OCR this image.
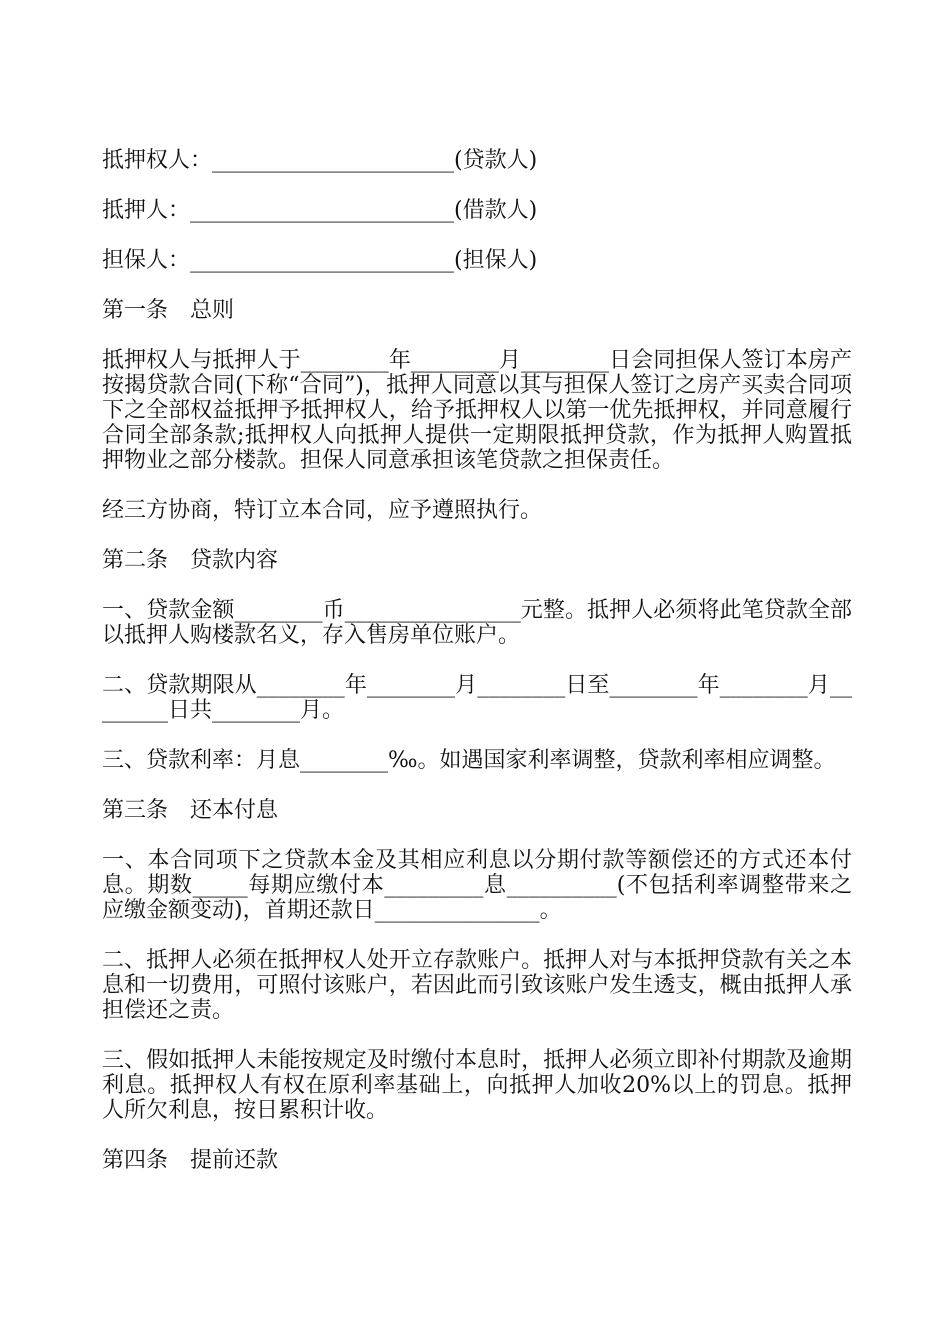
抵押权人：______________________(贷款人)
抵押人：________________________(借款人)
担保人：________________________(担保人)
第一条　总则
抵押权人与抵押人于________年________月________日会同担保人签订本房产按揭贷款合同(下称“合同”)，抵押人同意以其与担保人签订之房产买卖合同项下之全部权益抵押予抵押权人，给予抵押权人以第一优先抵押权，并同意履行合同全部条款;抵押权人向抵押人提供一定期限抵押贷款，作为抵押人购置抵押物业之部分楼款。担保人同意承担该笔贷款之担保责任。
经三方协商，特订立本合同，应予遵照执行。
第二条　贷款内容
一、贷款金额________币________________元整。抵押人必须将此笔贷款全部以抵押人购楼款名义，存入售房单位账户。
二、贷款期限从________年________月________日至________年________月________日共________月。
三、贷款利率：月息________‰。如遇国家利率调整，贷款利率相应调整。
第三条　还本付息
一、本合同项下之贷款本金及其相应利息以分期付款等额偿还的方式还本付息。期数_____每期应缴付本_________息__________(不包括利率调整带来之应缴金额变动)，首期还款日_______________。
二、抵押人必须在抵押权人处开立存款账户。抵押人对与本抵押贷款有关之本息和一切费用，可照付该账户，若因此而引致该账户发生透支，概由抵押人承担偿还之责。
三、假如抵押人未能按规定及时缴付本息时，抵押人必须立即补付期款及逾期利息。抵押权人有权在原利率基础上，向抵押人加收20%以上的罚息。抵押人所欠利息，按日累积计收。
第四条　提前还款
